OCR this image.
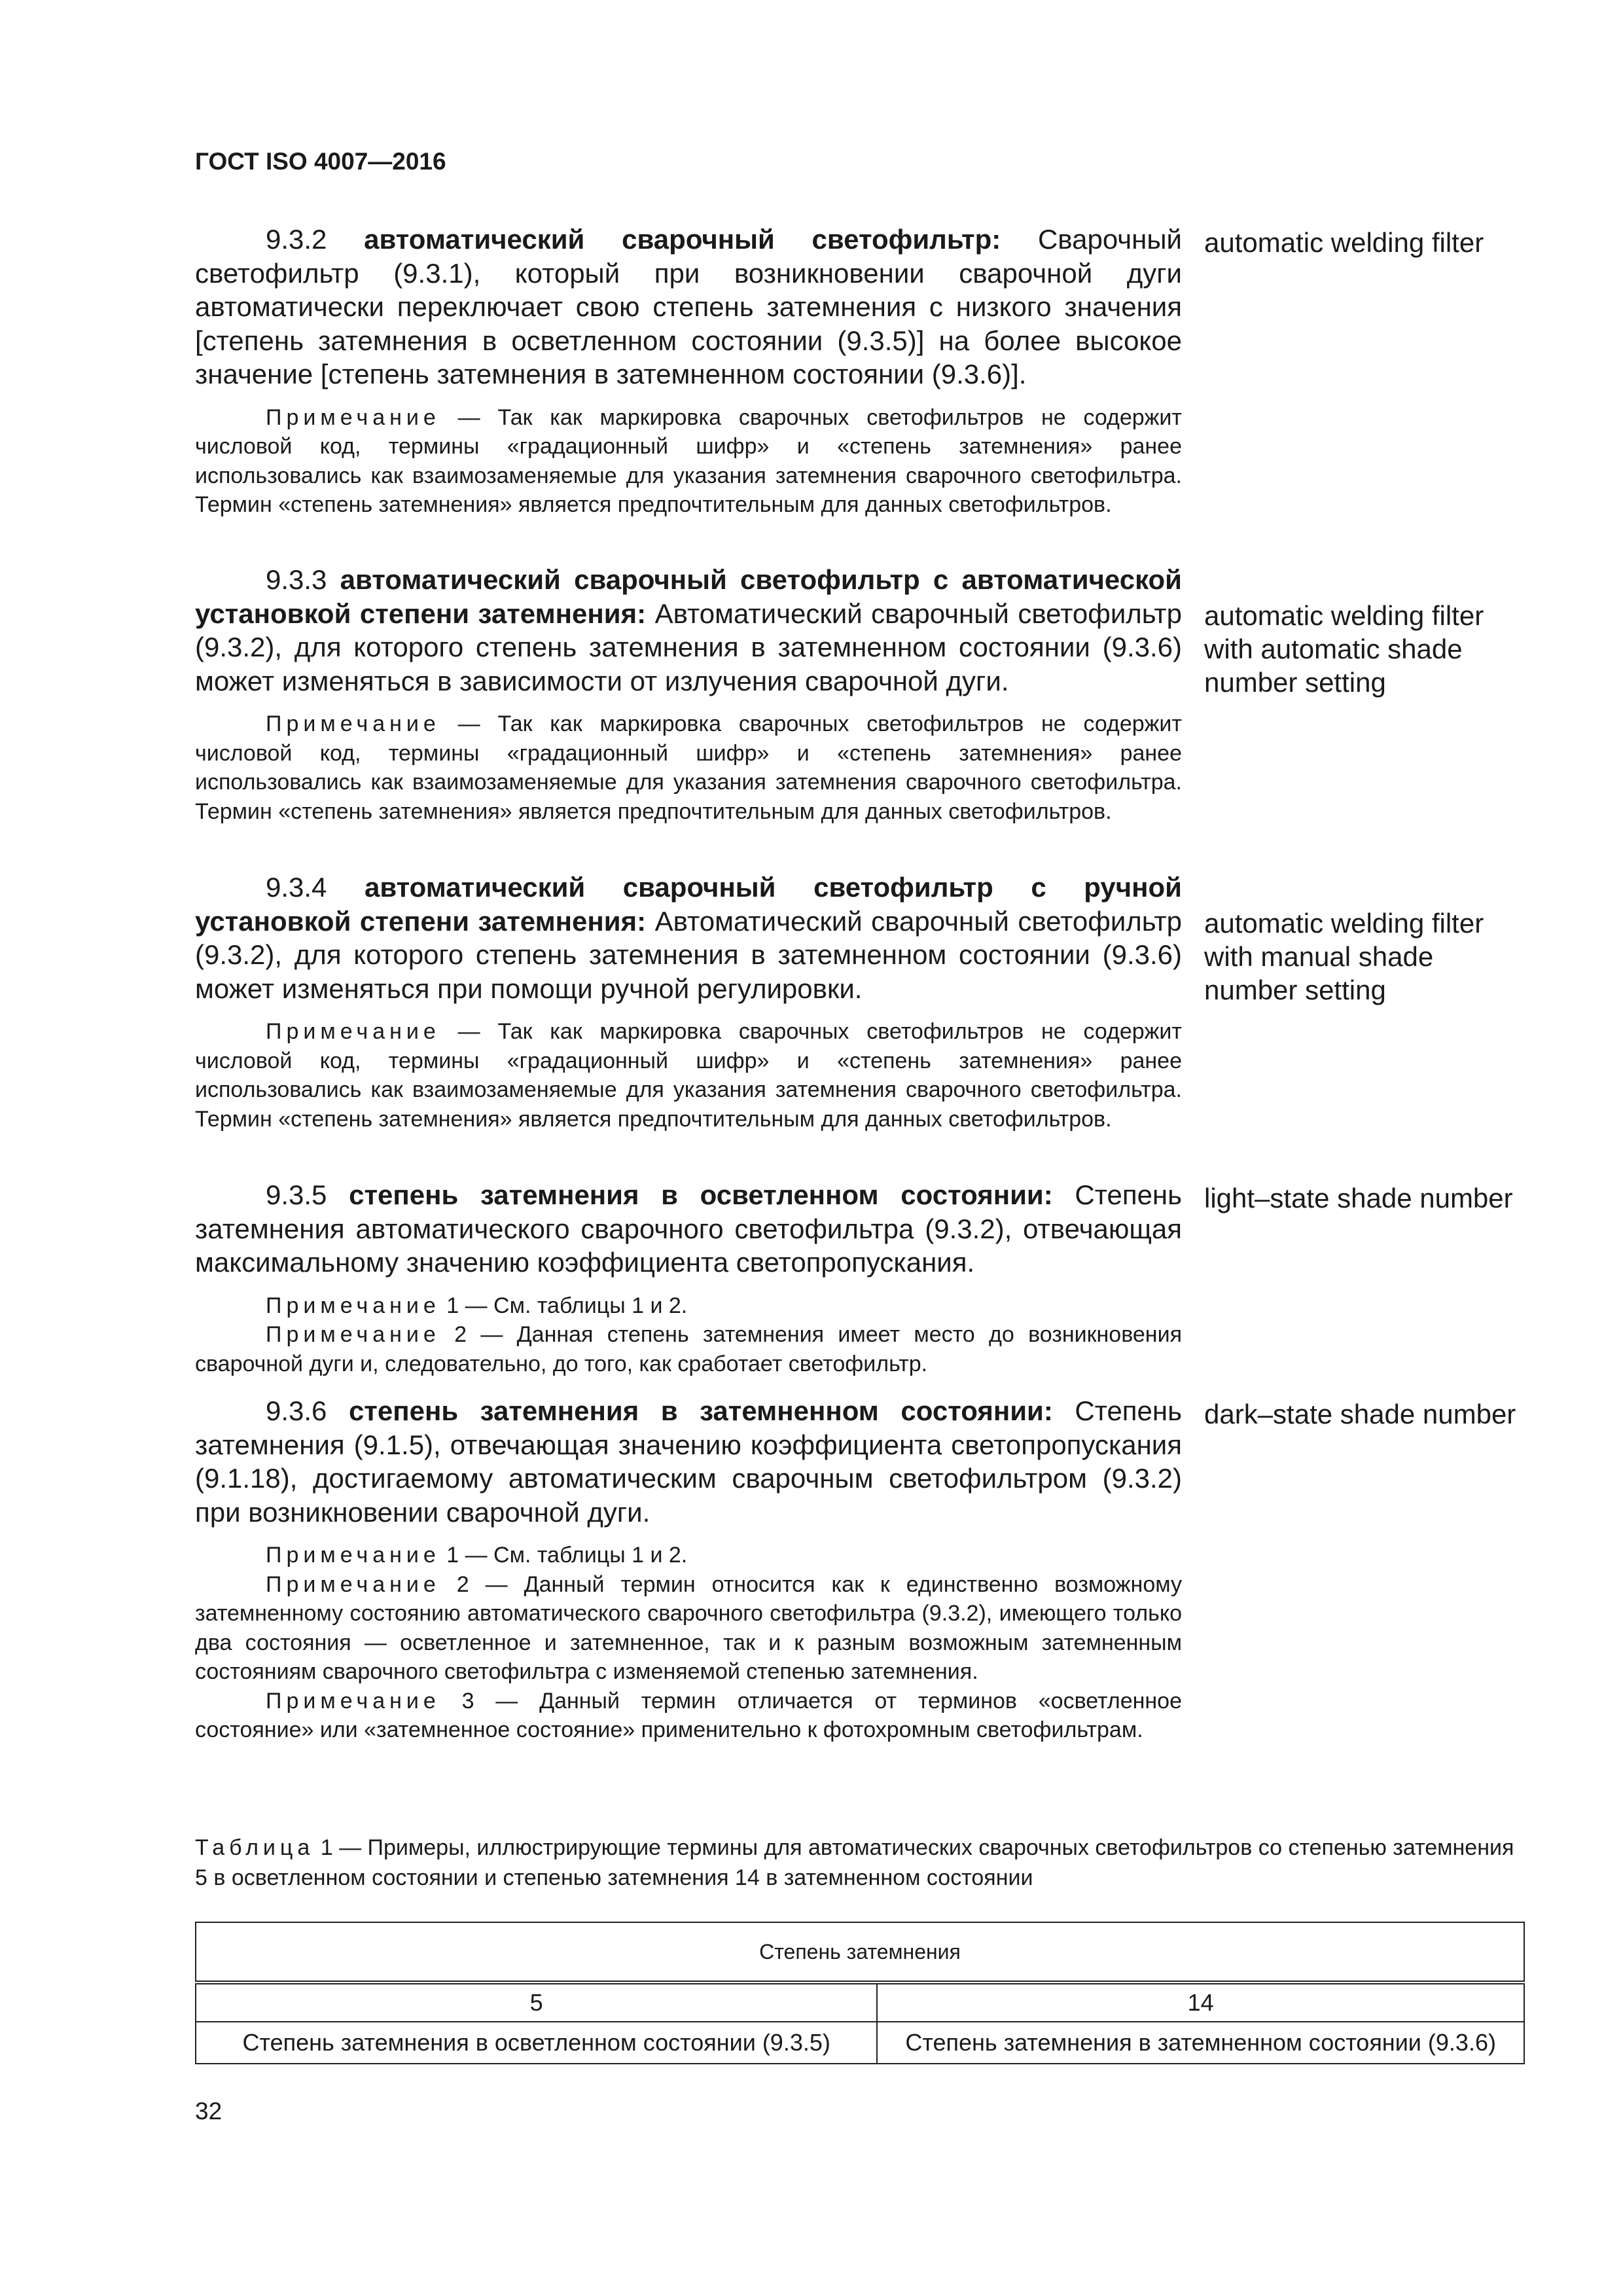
ГОСТ ISO 4007—2016

9.3.2 автоматический сварочный светофильтр: Сварочный светофильтр (9.3.1), который при возникновении сварочной дуги автоматически переключает свою степень затемнения с низкого значения [степень затемнения в осветленном состоянии (9.3.5)] на более высокое значение [степень затемнения в затемненном состоянии (9.3.6)].

Примечание — Так как маркировка сварочных светофильтров не содержит числовой код, термины «градационный шифр» и «степень затемнения» ранее использовались как взаимозаменяемые для указания затемнения сварочного светофильтра. Термин «степень затемнения» является предпочтительным для данных светофильтров.

automatic welding filter

9.3.3 автоматический сварочный светофильтр с автоматической установкой степени затемнения: Автоматический сварочный светофильтр (9.3.2), для которого степень затемнения в затемненном состоянии (9.3.6) может изменяться в зависимости от излучения сварочной дуги.

Примечание — Так как маркировка сварочных светофильтров не содержит числовой код, термины «градационный шифр» и «степень затемнения» ранее использовались как взаимозаменяемые для указания затемнения сварочного светофильтра. Термин «степень затемнения» является предпочтительным для данных светофильтров.

automatic welding filter with automatic shade number setting

9.3.4 автоматический сварочный светофильтр с ручной установкой степени затемнения: Автоматический сварочный светофильтр (9.3.2), для которого степень затемнения в затемненном состоянии (9.3.6) может изменяться при помощи ручной регулировки.

Примечание — Так как маркировка сварочных светофильтров не содержит числовой код, термины «градационный шифр» и «степень затемнения» ранее использовались как взаимозаменяемые для указания затемнения сварочного светофильтра. Термин «степень затемнения» является предпочтительным для данных светофильтров.

automatic welding filter with manual shade number setting

9.3.5 степень затемнения в осветленном состоянии: Степень затемнения автоматического сварочного светофильтра (9.3.2), отвечающая максимальному значению коэффициента светопропускания.

Примечание 1 — См. таблицы 1 и 2.

Примечание 2 — Данная степень затемнения имеет место до возникновения сварочной дуги и, следовательно, до того, как сработает светофильтр.

light–state shade number

9.3.6 степень затемнения в затемненном состоянии: Степень затемнения (9.1.5), отвечающая значению коэффициента светопропускания (9.1.18), достигаемому автоматическим сварочным светофильтром (9.3.2) при возникновении сварочной дуги.

Примечание 1 — См. таблицы 1 и 2.

Примечание 2 — Данный термин относится как к единственно возможному затемненному состоянию автоматического сварочного светофильтра (9.3.2), имеющего только два состояния — осветленное и затемненное, так и к разным возможным затемненным состояниям сварочного светофильтра с изменяемой степенью затемнения.

Примечание 3 — Данный термин отличается от терминов «осветленное состояние» или «затемненное состояние» применительно к фотохромным светофильтрам.

dark–state shade number
Таблица 1 — Примеры, иллюстрирующие термины для автоматических сварочных светофильтров со степенью затемнения 5 в осветленном состоянии и степенью затемнения 14 в затемненном состоянии
Степень затемнения	
5	14
Степень затемнения в осветленном состоянии (9.3.5)	Степень затемнения в затемненном состоянии (9.3.6)
32
